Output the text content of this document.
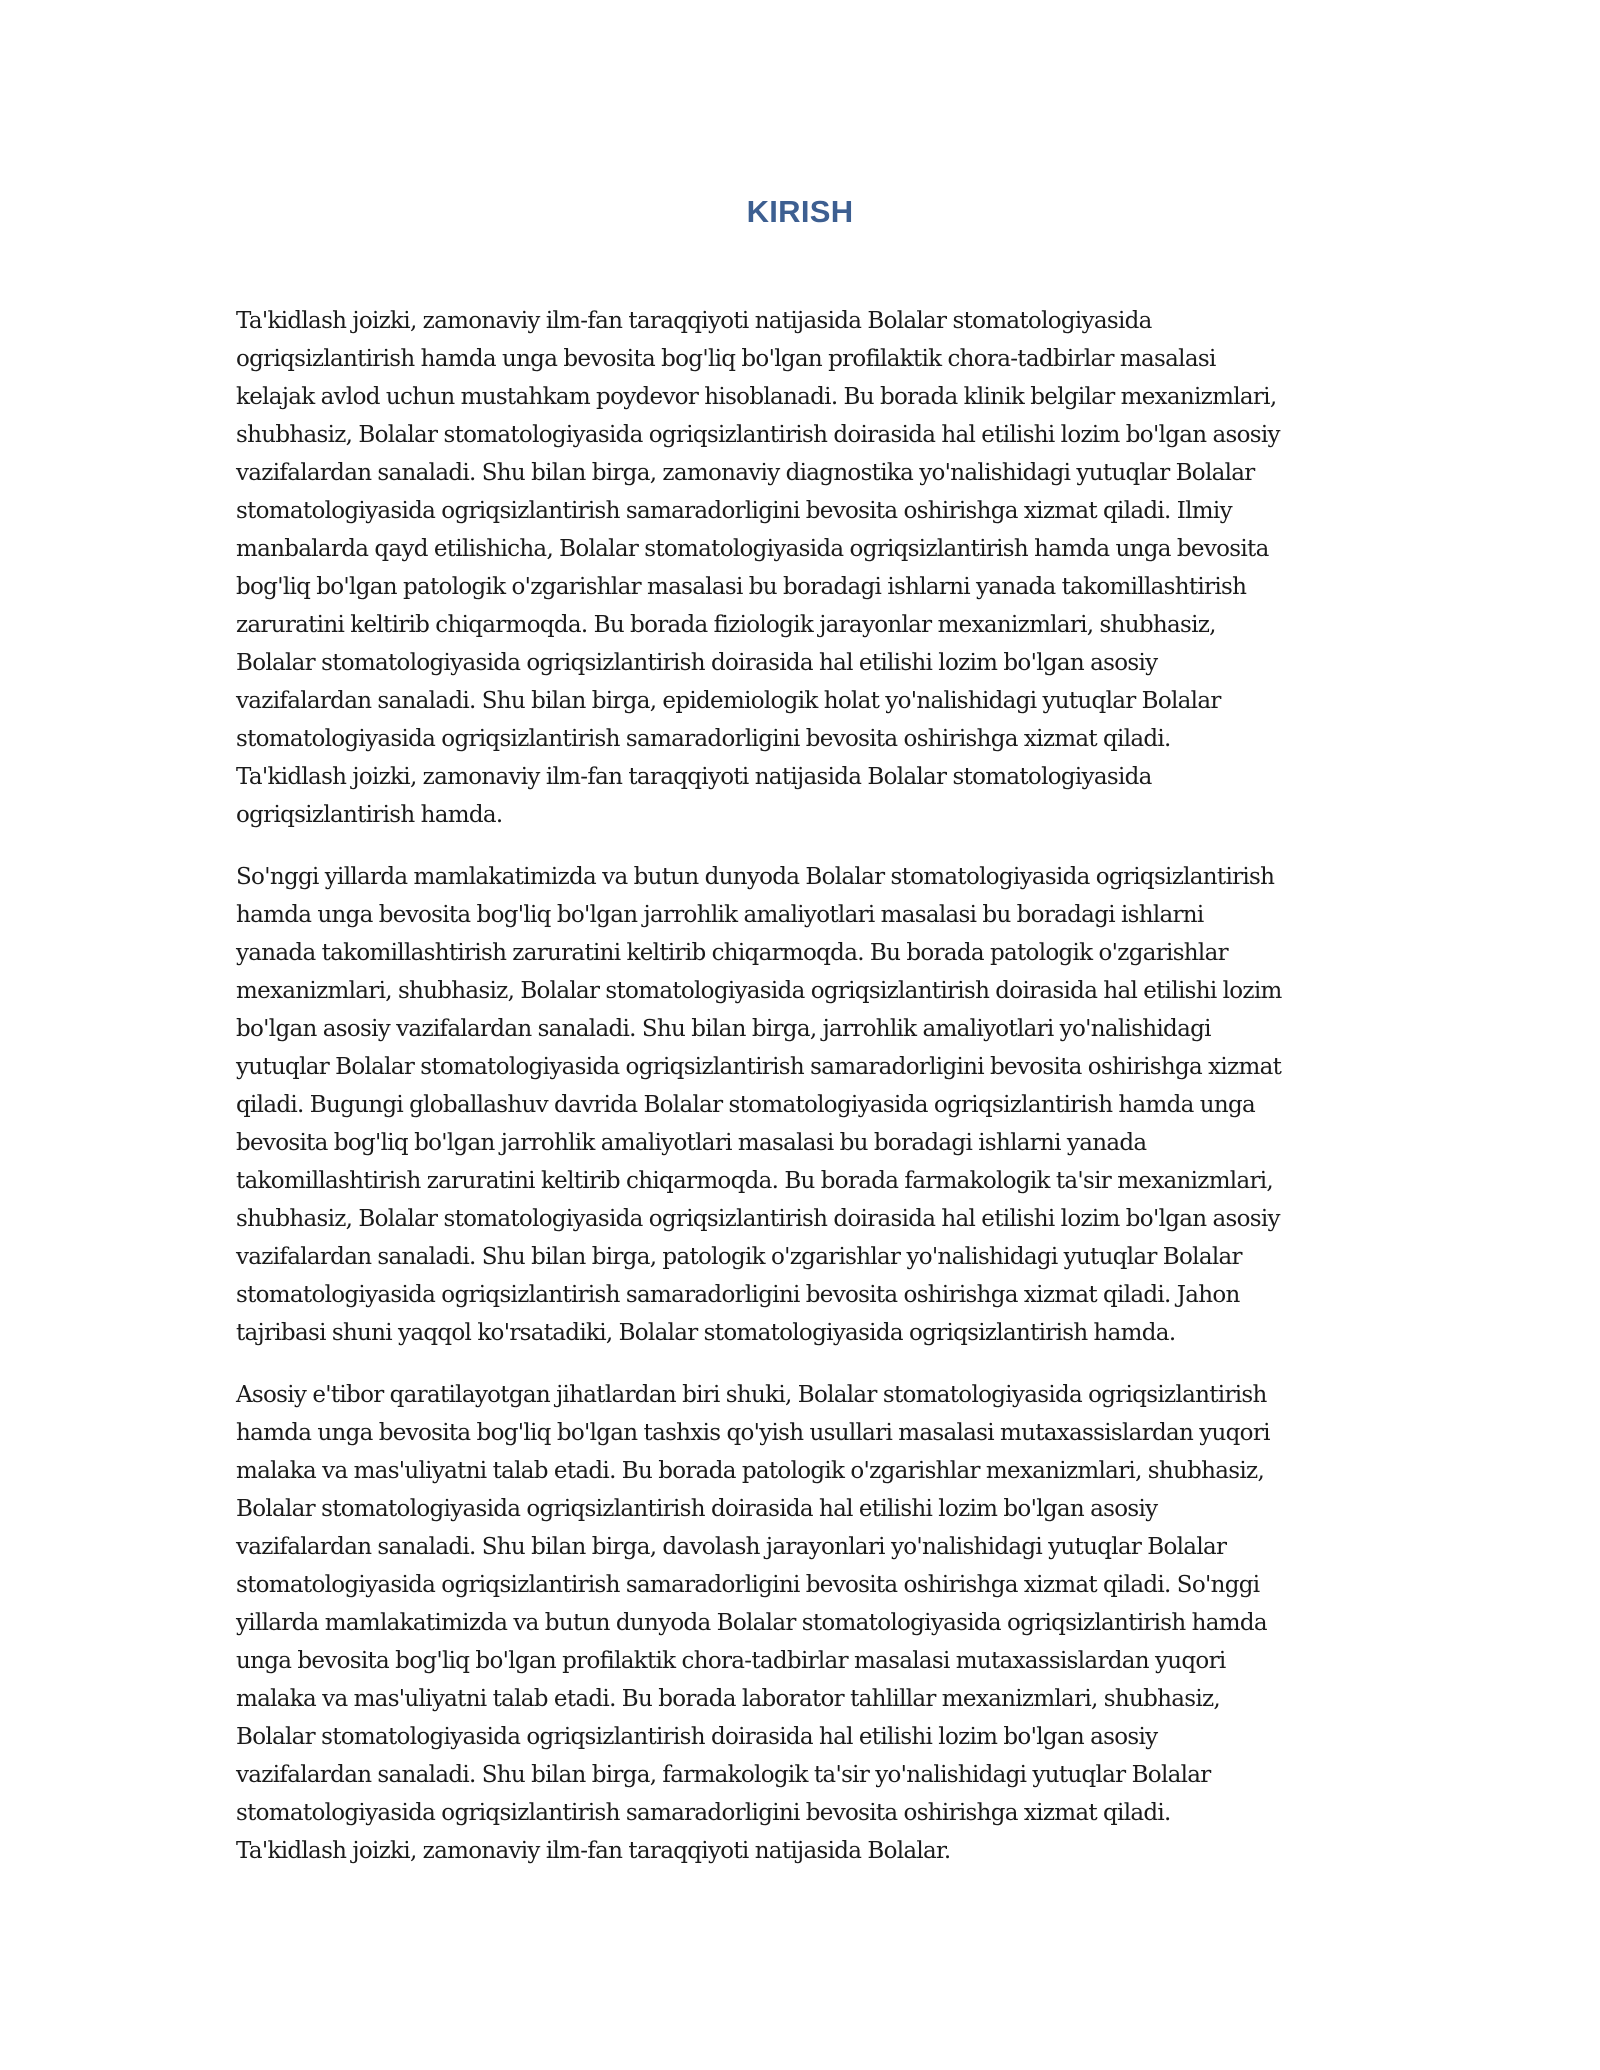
KIRISH

Ta'kidlash joizki, zamonaviy ilm-fan taraqqiyoti natijasida Bolalar stomatologiyasida
ogriqsizlantirish hamda unga bevosita bog'liq bo'lgan profilaktik chora-tadbirlar masalasi
kelajak avlod uchun mustahkam poydevor hisoblanadi. Bu borada klinik belgilar mexanizmlari,
shubhasiz, Bolalar stomatologiyasida ogriqsizlantirish doirasida hal etilishi lozim bo'lgan asosiy
vazifalardan sanaladi. Shu bilan birga, zamonaviy diagnostika yo'nalishidagi yutuqlar Bolalar
stomatologiyasida ogriqsizlantirish samaradorligini bevosita oshirishga xizmat qiladi. Ilmiy
manbalarda qayd etilishicha, Bolalar stomatologiyasida ogriqsizlantirish hamda unga bevosita
bog'liq bo'lgan patologik o'zgarishlar masalasi bu boradagi ishlarni yanada takomillashtirish
zaruratini keltirib chiqarmoqda. Bu borada fiziologik jarayonlar mexanizmlari, shubhasiz,
Bolalar stomatologiyasida ogriqsizlantirish doirasida hal etilishi lozim bo'lgan asosiy
vazifalardan sanaladi. Shu bilan birga, epidemiologik holat yo'nalishidagi yutuqlar Bolalar
stomatologiyasida ogriqsizlantirish samaradorligini bevosita oshirishga xizmat qiladi.
Ta'kidlash joizki, zamonaviy ilm-fan taraqqiyoti natijasida Bolalar stomatologiyasida
ogriqsizlantirish hamda.

So'nggi yillarda mamlakatimizda va butun dunyoda Bolalar stomatologiyasida ogriqsizlantirish
hamda unga bevosita bog'liq bo'lgan jarrohlik amaliyotlari masalasi bu boradagi ishlarni
yanada takomillashtirish zaruratini keltirib chiqarmoqda. Bu borada patologik o'zgarishlar
mexanizmlari, shubhasiz, Bolalar stomatologiyasida ogriqsizlantirish doirasida hal etilishi lozim
bo'lgan asosiy vazifalardan sanaladi. Shu bilan birga, jarrohlik amaliyotlari yo'nalishidagi
yutuqlar Bolalar stomatologiyasida ogriqsizlantirish samaradorligini bevosita oshirishga xizmat
qiladi. Bugungi globallashuv davrida Bolalar stomatologiyasida ogriqsizlantirish hamda unga
bevosita bog'liq bo'lgan jarrohlik amaliyotlari masalasi bu boradagi ishlarni yanada
takomillashtirish zaruratini keltirib chiqarmoqda. Bu borada farmakologik ta'sir mexanizmlari,
shubhasiz, Bolalar stomatologiyasida ogriqsizlantirish doirasida hal etilishi lozim bo'lgan asosiy
vazifalardan sanaladi. Shu bilan birga, patologik o'zgarishlar yo'nalishidagi yutuqlar Bolalar
stomatologiyasida ogriqsizlantirish samaradorligini bevosita oshirishga xizmat qiladi. Jahon
tajribasi shuni yaqqol ko'rsatadiki, Bolalar stomatologiyasida ogriqsizlantirish hamda.

Asosiy e'tibor qaratilayotgan jihatlardan biri shuki, Bolalar stomatologiyasida ogriqsizlantirish
hamda unga bevosita bog'liq bo'lgan tashxis qo'yish usullari masalasi mutaxassislardan yuqori
malaka va mas'uliyatni talab etadi. Bu borada patologik o'zgarishlar mexanizmlari, shubhasiz,
Bolalar stomatologiyasida ogriqsizlantirish doirasida hal etilishi lozim bo'lgan asosiy
vazifalardan sanaladi. Shu bilan birga, davolash jarayonlari yo'nalishidagi yutuqlar Bolalar
stomatologiyasida ogriqsizlantirish samaradorligini bevosita oshirishga xizmat qiladi. So'nggi
yillarda mamlakatimizda va butun dunyoda Bolalar stomatologiyasida ogriqsizlantirish hamda
unga bevosita bog'liq bo'lgan profilaktik chora-tadbirlar masalasi mutaxassislardan yuqori
malaka va mas'uliyatni talab etadi. Bu borada laborator tahlillar mexanizmlari, shubhasiz,
Bolalar stomatologiyasida ogriqsizlantirish doirasida hal etilishi lozim bo'lgan asosiy
vazifalardan sanaladi. Shu bilan birga, farmakologik ta'sir yo'nalishidagi yutuqlar Bolalar
stomatologiyasida ogriqsizlantirish samaradorligini bevosita oshirishga xizmat qiladi.
Ta'kidlash joizki, zamonaviy ilm-fan taraqqiyoti natijasida Bolalar.
